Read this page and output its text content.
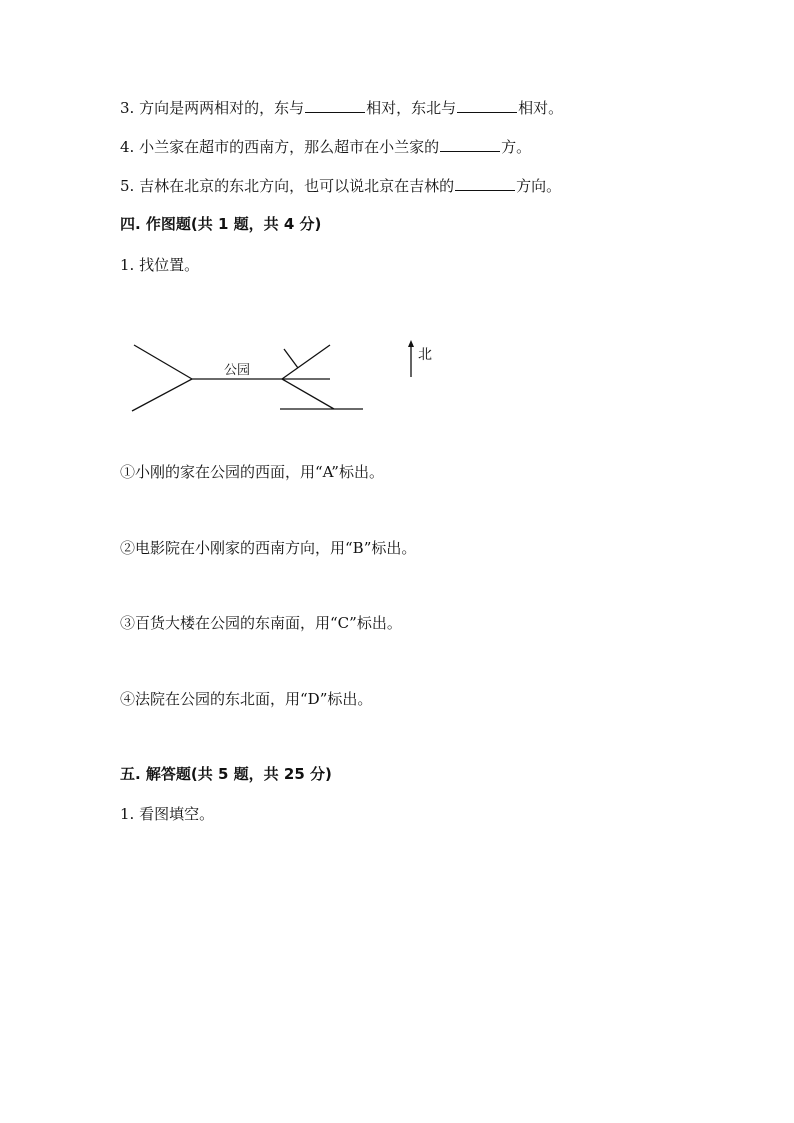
3. 方向是两两相对的，东与	相对，东北与	相对。
4. 小兰家在超市的西南方，那么超市在小兰家的	方。
5. 吉林在北京的东北方向，也可以说北京在吉林的	方向。
四. 作图题(共 1 题，共 4 分)
1. 找位置。
公园
北
①小刚的家在公园的西面，用“A”标出。
②电影院在小刚家的西南方向，用“B”标出。
③百货大楼在公园的东南面，用“C”标出。
④法院在公园的东北面，用“D”标出。
五. 解答题(共 5 题，共 25 分)
1. 看图填空。
